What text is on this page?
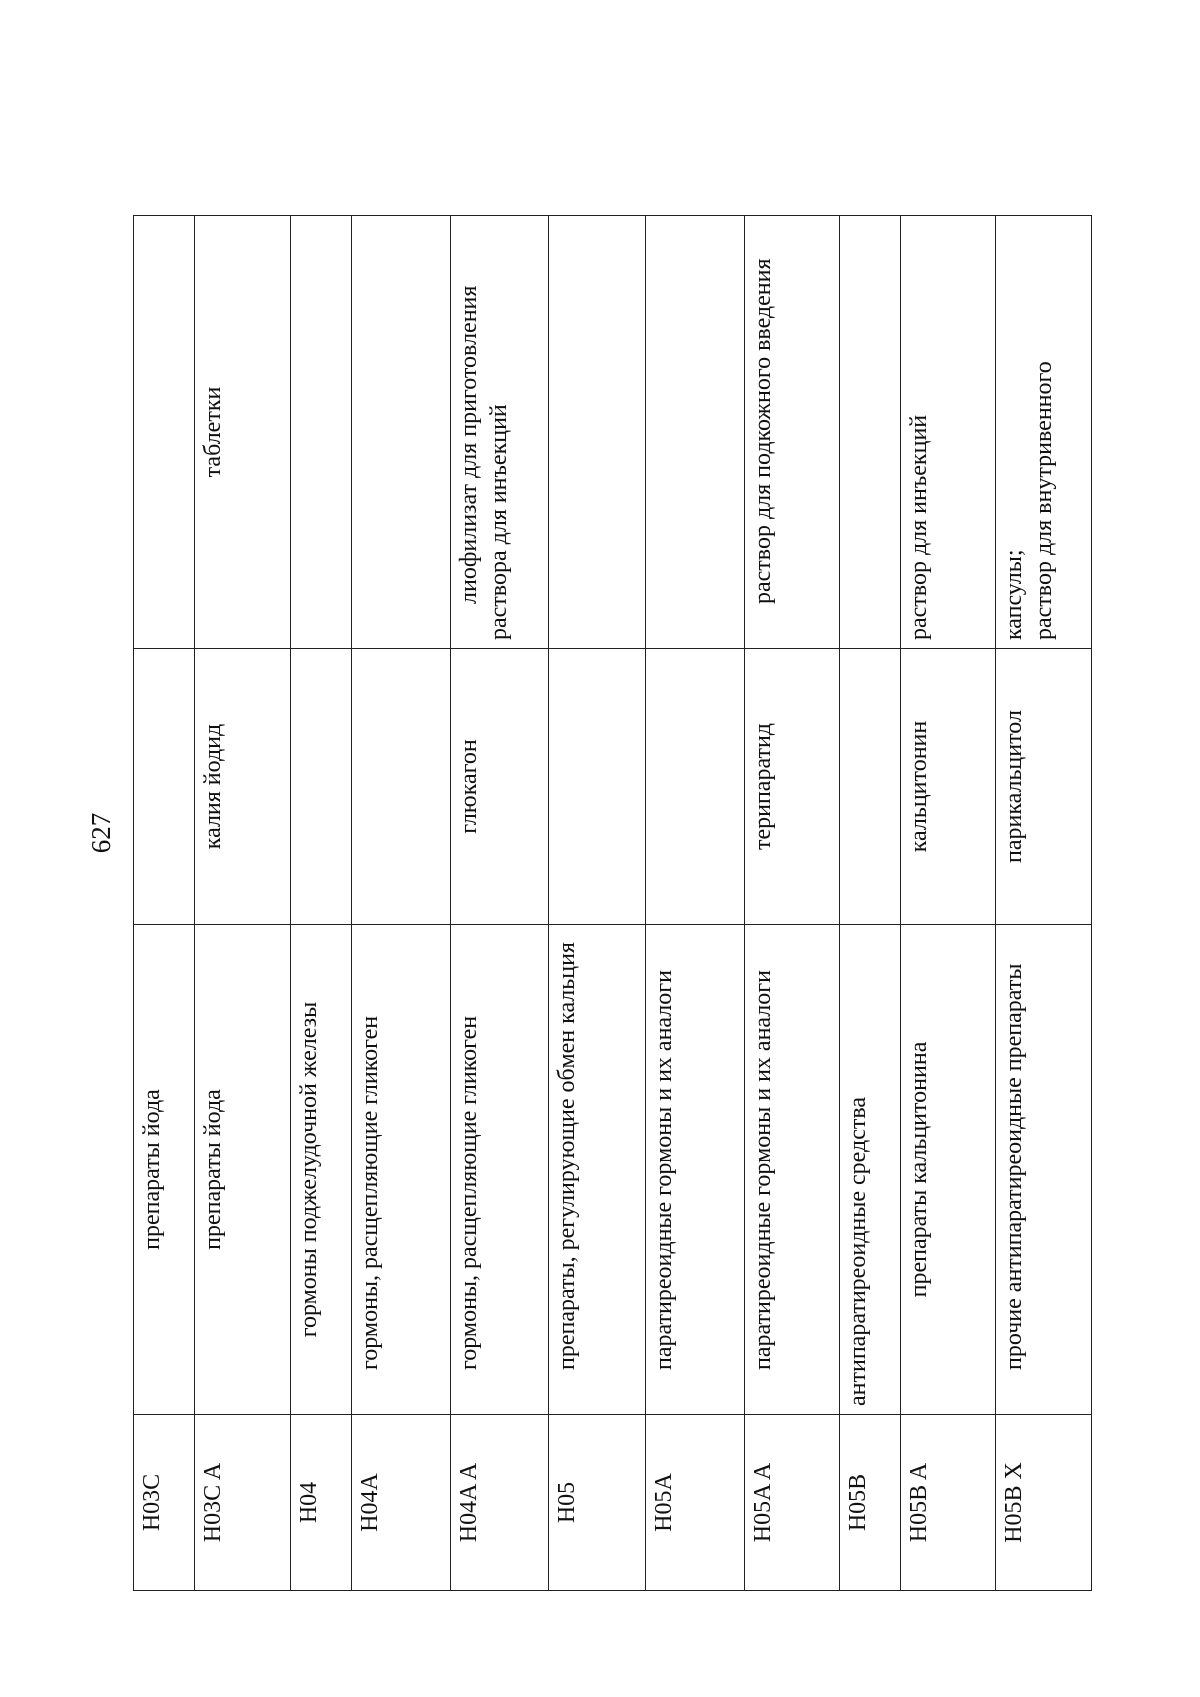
627
H03C	препараты йода		
H03C A	препараты йода	калия йодид	таблетки
H04	гормоны поджелудочной железы		
H04A	гормоны, расщепляющие гликоген		
H04A A	гормоны, расщепляющие гликоген	глюкагон	лиофилизат для приготовления раствора для инъекций
H05	препараты, регулирующие обмен кальция		
H05A	паратиреоидные гормоны и их аналоги		
H05A A	паратиреоидные гормоны и их аналоги	терипаратид	раствор для подкожного введения
H05B	антипаратиреоидные средства		
H05B A	препараты кальцитонина	кальцитонин	раствор для инъекций
H05B X	прочие антипаратиреоидные препараты	парикальцитол	капсулы; раствор для внутривенного
